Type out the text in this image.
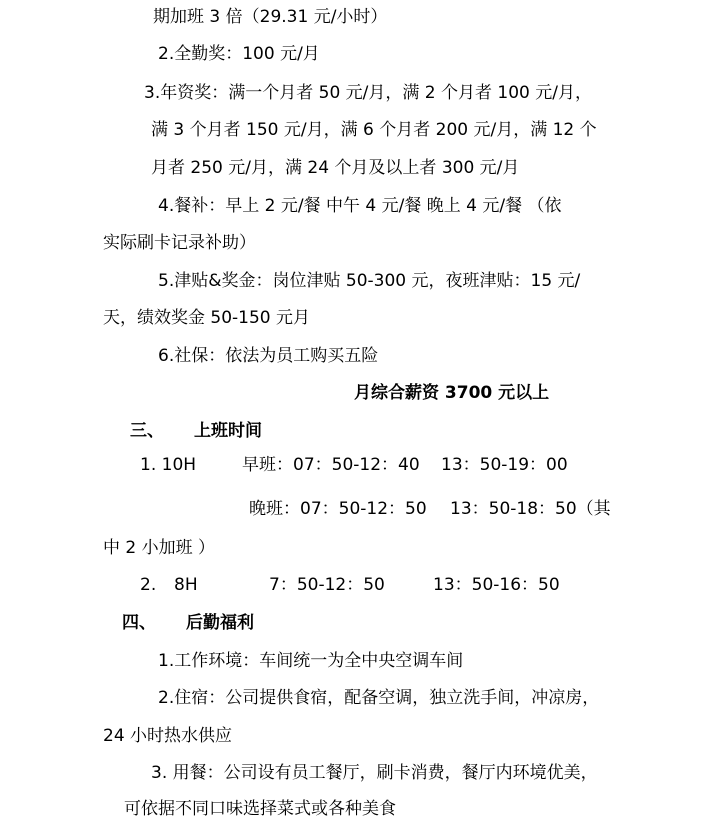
期加班 3 倍（29.31 元/小时）
2.全勤奖：100 元/月
3.年资奖：满一个月者 50 元/月，满 2 个月者 100 元/月，
满 3 个月者 150 元/月，满 6 个月者 200 元/月，满 12 个
月者 250 元/月，满 24 个月及以上者 300 元/月
4.餐补：早上 2 元/餐 中午 4 元/餐 晚上 4 元/餐 （依
实际刷卡记录补助）
5.津贴&奖金：岗位津贴 50-300 元，夜班津贴：15 元/
天，绩效奖金 50-150 元月
6.社保：依法为员工购买五险
月综合薪资 3700 元以上
三、 上班时间
1. 10H	早班：07：50-12：40 13：50-19：00
晚班：07：50-12：50 13：50-18：50（其
中 2 小加班 ）
2. 8H	7：50-12：50	13：50-16：50
四、 后勤福利
1.工作环境：车间统一为全中央空调车间
2.住宿：公司提供食宿，配备空调，独立洗手间，冲凉房，
24 小时热水供应
3. 用餐：公司设有员工餐厅，刷卡消费，餐厅内环境优美，
可依据不同口味选择菜式或各种美食
